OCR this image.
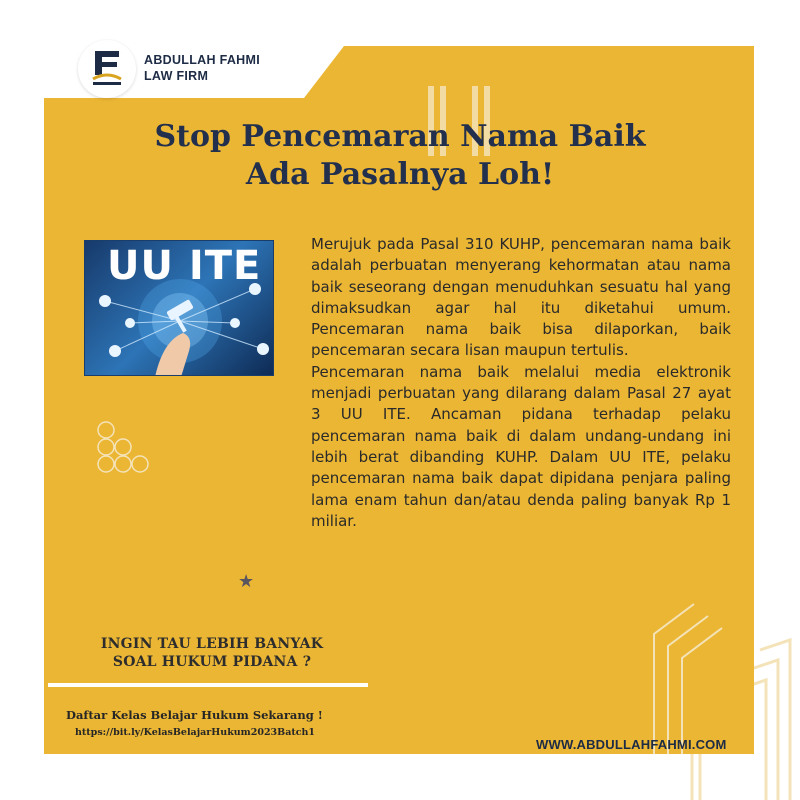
ABDULLAH FAHMI
LAW FIRM
Stop Pencemaran Nama Baik
Ada Pasalnya Loh!
UU ITE	Merujuk pada Pasal 310 KUHP, pencemaran nama baik adalah perbuatan menyerang kehormatan atau nama baik seseorang dengan menuduhkan sesuatu hal yang dimaksudkan agar hal itu diketahui umum. Pencemaran nama baik bisa dilaporkan, baik pencemaran secara lisan maupun tertulis.

Pencemaran nama baik melalui media elektronik menjadi perbuatan yang dilarang dalam Pasal 27 ayat 3 UU ITE. Ancaman pidana terhadap pelaku pencemaran nama baik di dalam undang-undang ini lebih berat dibanding KUHP. Dalam UU ITE, pelaku pencemaran nama baik dapat dipidana penjara paling lama enam tahun dan/atau denda paling banyak Rp 1 miliar.

★
INGIN TAU LEBIH BANYAK
SOAL HUKUM PIDANA ?
Daftar Kelas Belajar Hukum Sekarang !
https://bit.ly/KelasBelajarHukum2023Batch1
WWW.ABDULLAHFAHMI.COM
